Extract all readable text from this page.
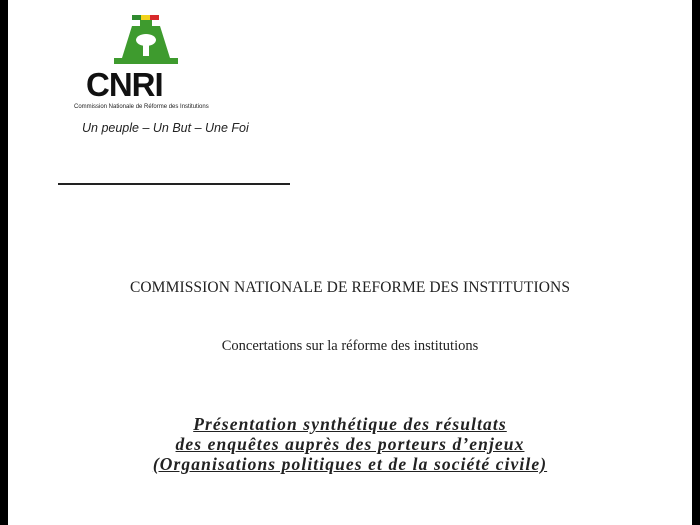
CNRI
Commission Nationale de Réforme des Institutions
Un peuple – Un But – Une Foi
COMMISSION NATIONALE DE REFORME DES INSTITUTIONS
Concertations sur la réforme des institutions
Présentation synthétique des résultats
des enquêtes auprès des porteurs d’enjeux
(Organisations politiques et de la société civile)
